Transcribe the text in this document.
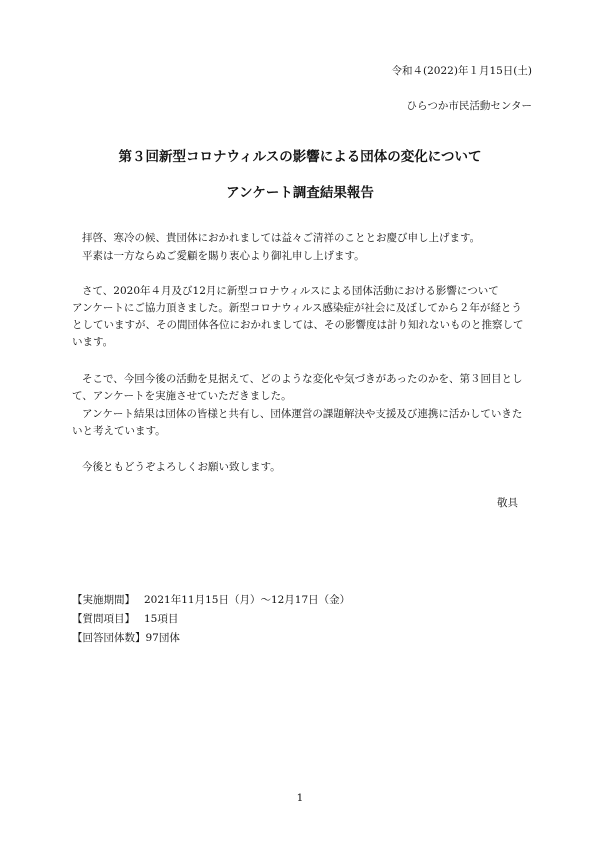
令和４(2022)年１月15日(土)
ひらつか市民活動センター
第３回新型コロナウィルスの影響による団体の変化について
アンケート調査結果報告
拝啓、寒冷の候、貴団体におかれましては益々ご清祥のこととお慶び申し上げます。
平素は一方ならぬご愛顧を賜り衷心より御礼申し上げます。
さて、2020年４月及び12月に新型コロナウィルスによる団体活動における影響について
アンケートにご協力頂きました。新型コロナウィルス感染症が社会に及ぼしてから２年が経とう
としていますが、その間団体各位におかれましては、その影響度は計り知れないものと推察して
います。
そこで、今回今後の活動を見据えて、どのような変化や気づきがあったのかを、第３回目とし
て、アンケートを実施させていただきました。
アンケート結果は団体の皆様と共有し、団体運営の課題解決や支援及び連携に活かしていきた
いと考えています。
今後ともどうぞよろしくお願い致します。
敬具
【実施期間】 2021年11月15日（月）～12月17日（金）
【質問項目】 15項目
【回答団体数】97団体
1
